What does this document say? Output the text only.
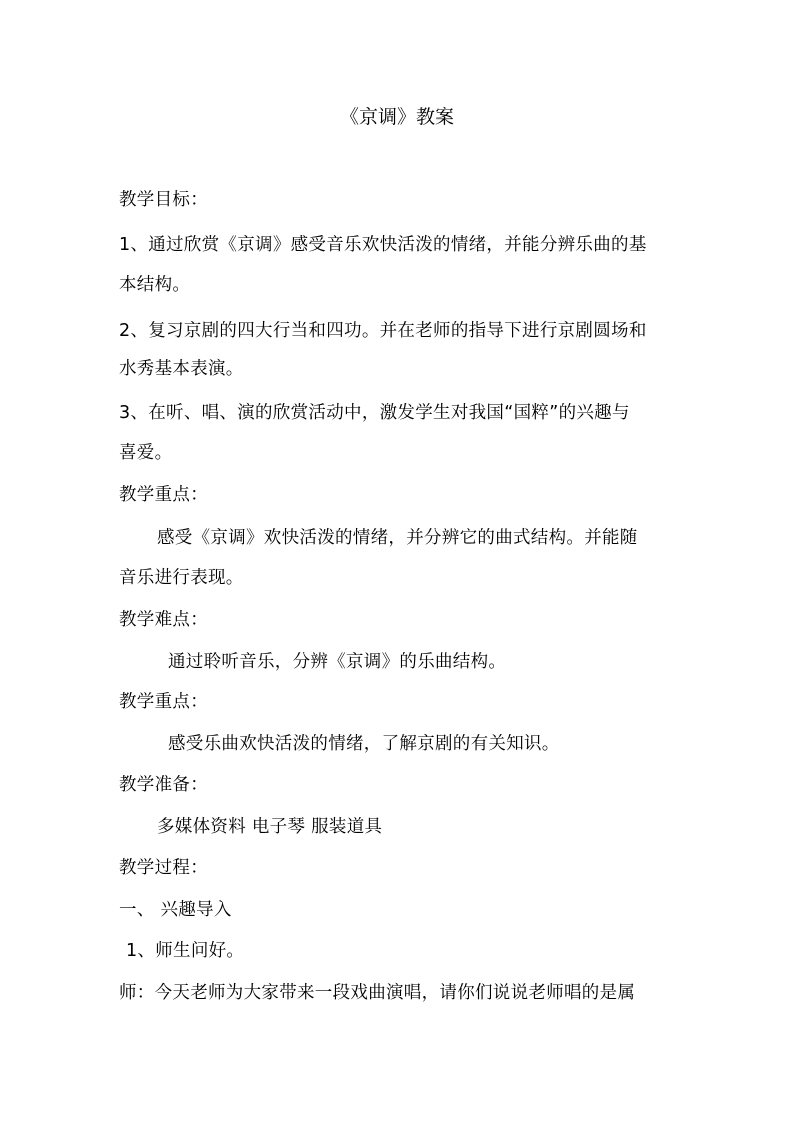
《京调》教案
教学目标：
1、通过欣赏《京调》感受音乐欢快活泼的情绪，并能分辨乐曲的基
本结构。
2、复习京剧的四大行当和四功。并在老师的指导下进行京剧圆场和
水秀基本表演。
3、在听、唱、演的欣赏活动中，激发学生对我国“国粹”的兴趣与
喜爱。
教学重点：
感受《京调》欢快活泼的情绪，并分辨它的曲式结构。并能随
音乐进行表现。
教学难点：
通过聆听音乐，分辨《京调》的乐曲结构。
教学重点：
感受乐曲欢快活泼的情绪，了解京剧的有关知识。
教学准备：
多媒体资料 电子琴 服装道具
教学过程：
一、 兴趣导入
1、师生问好。
师：今天老师为大家带来一段戏曲演唱，请你们说说老师唱的是属
